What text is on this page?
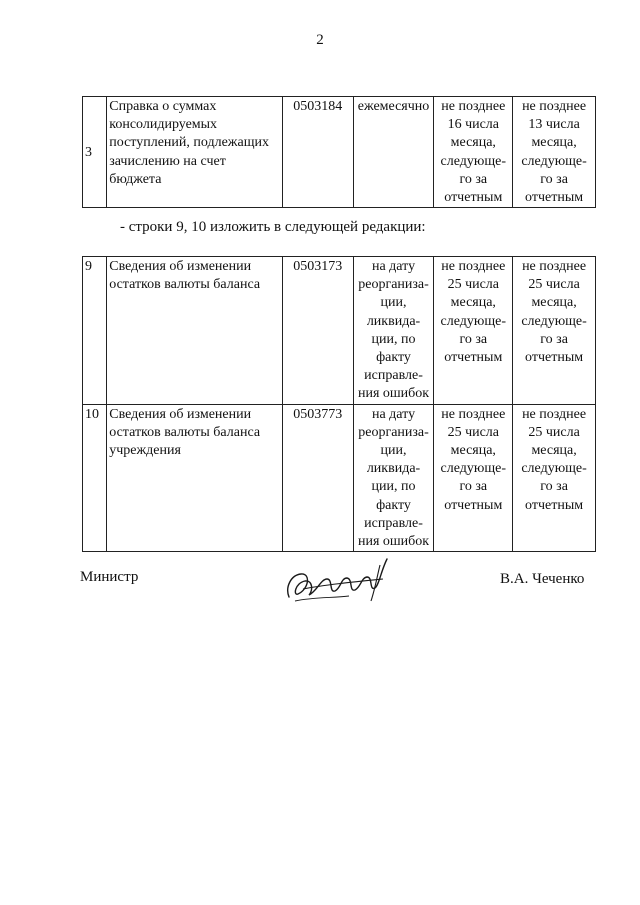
2
3	Справка о суммах консолидируемых поступлений, подлежащих зачислению на счет бюджета	0503184	ежемесячно	не позднее 16 числа месяца, следующе-го за отчетным	не позднее 13 числа месяца, следующе-го за отчетным
- строки 9, 10 изложить в следующей редакции:
9	Сведения об изменении остатков валюты баланса	0503173	на дату реорганиза-ции, ликвида-ции, по факту исправле-ния ошибок	не позднее 25 числа месяца, следующе-го за отчетным	не позднее 25 числа месяца, следующе-го за отчетным
10	Сведения об изменении остатков валюты баланса учреждения	0503773	на дату реорганиза-ции, ликвида-ции, по факту исправле-ния ошибок	не позднее 25 числа месяца, следующе-го за отчетным	не позднее 25 числа месяца, следующе-го за отчетным
Министр	В.А. Чеченко
